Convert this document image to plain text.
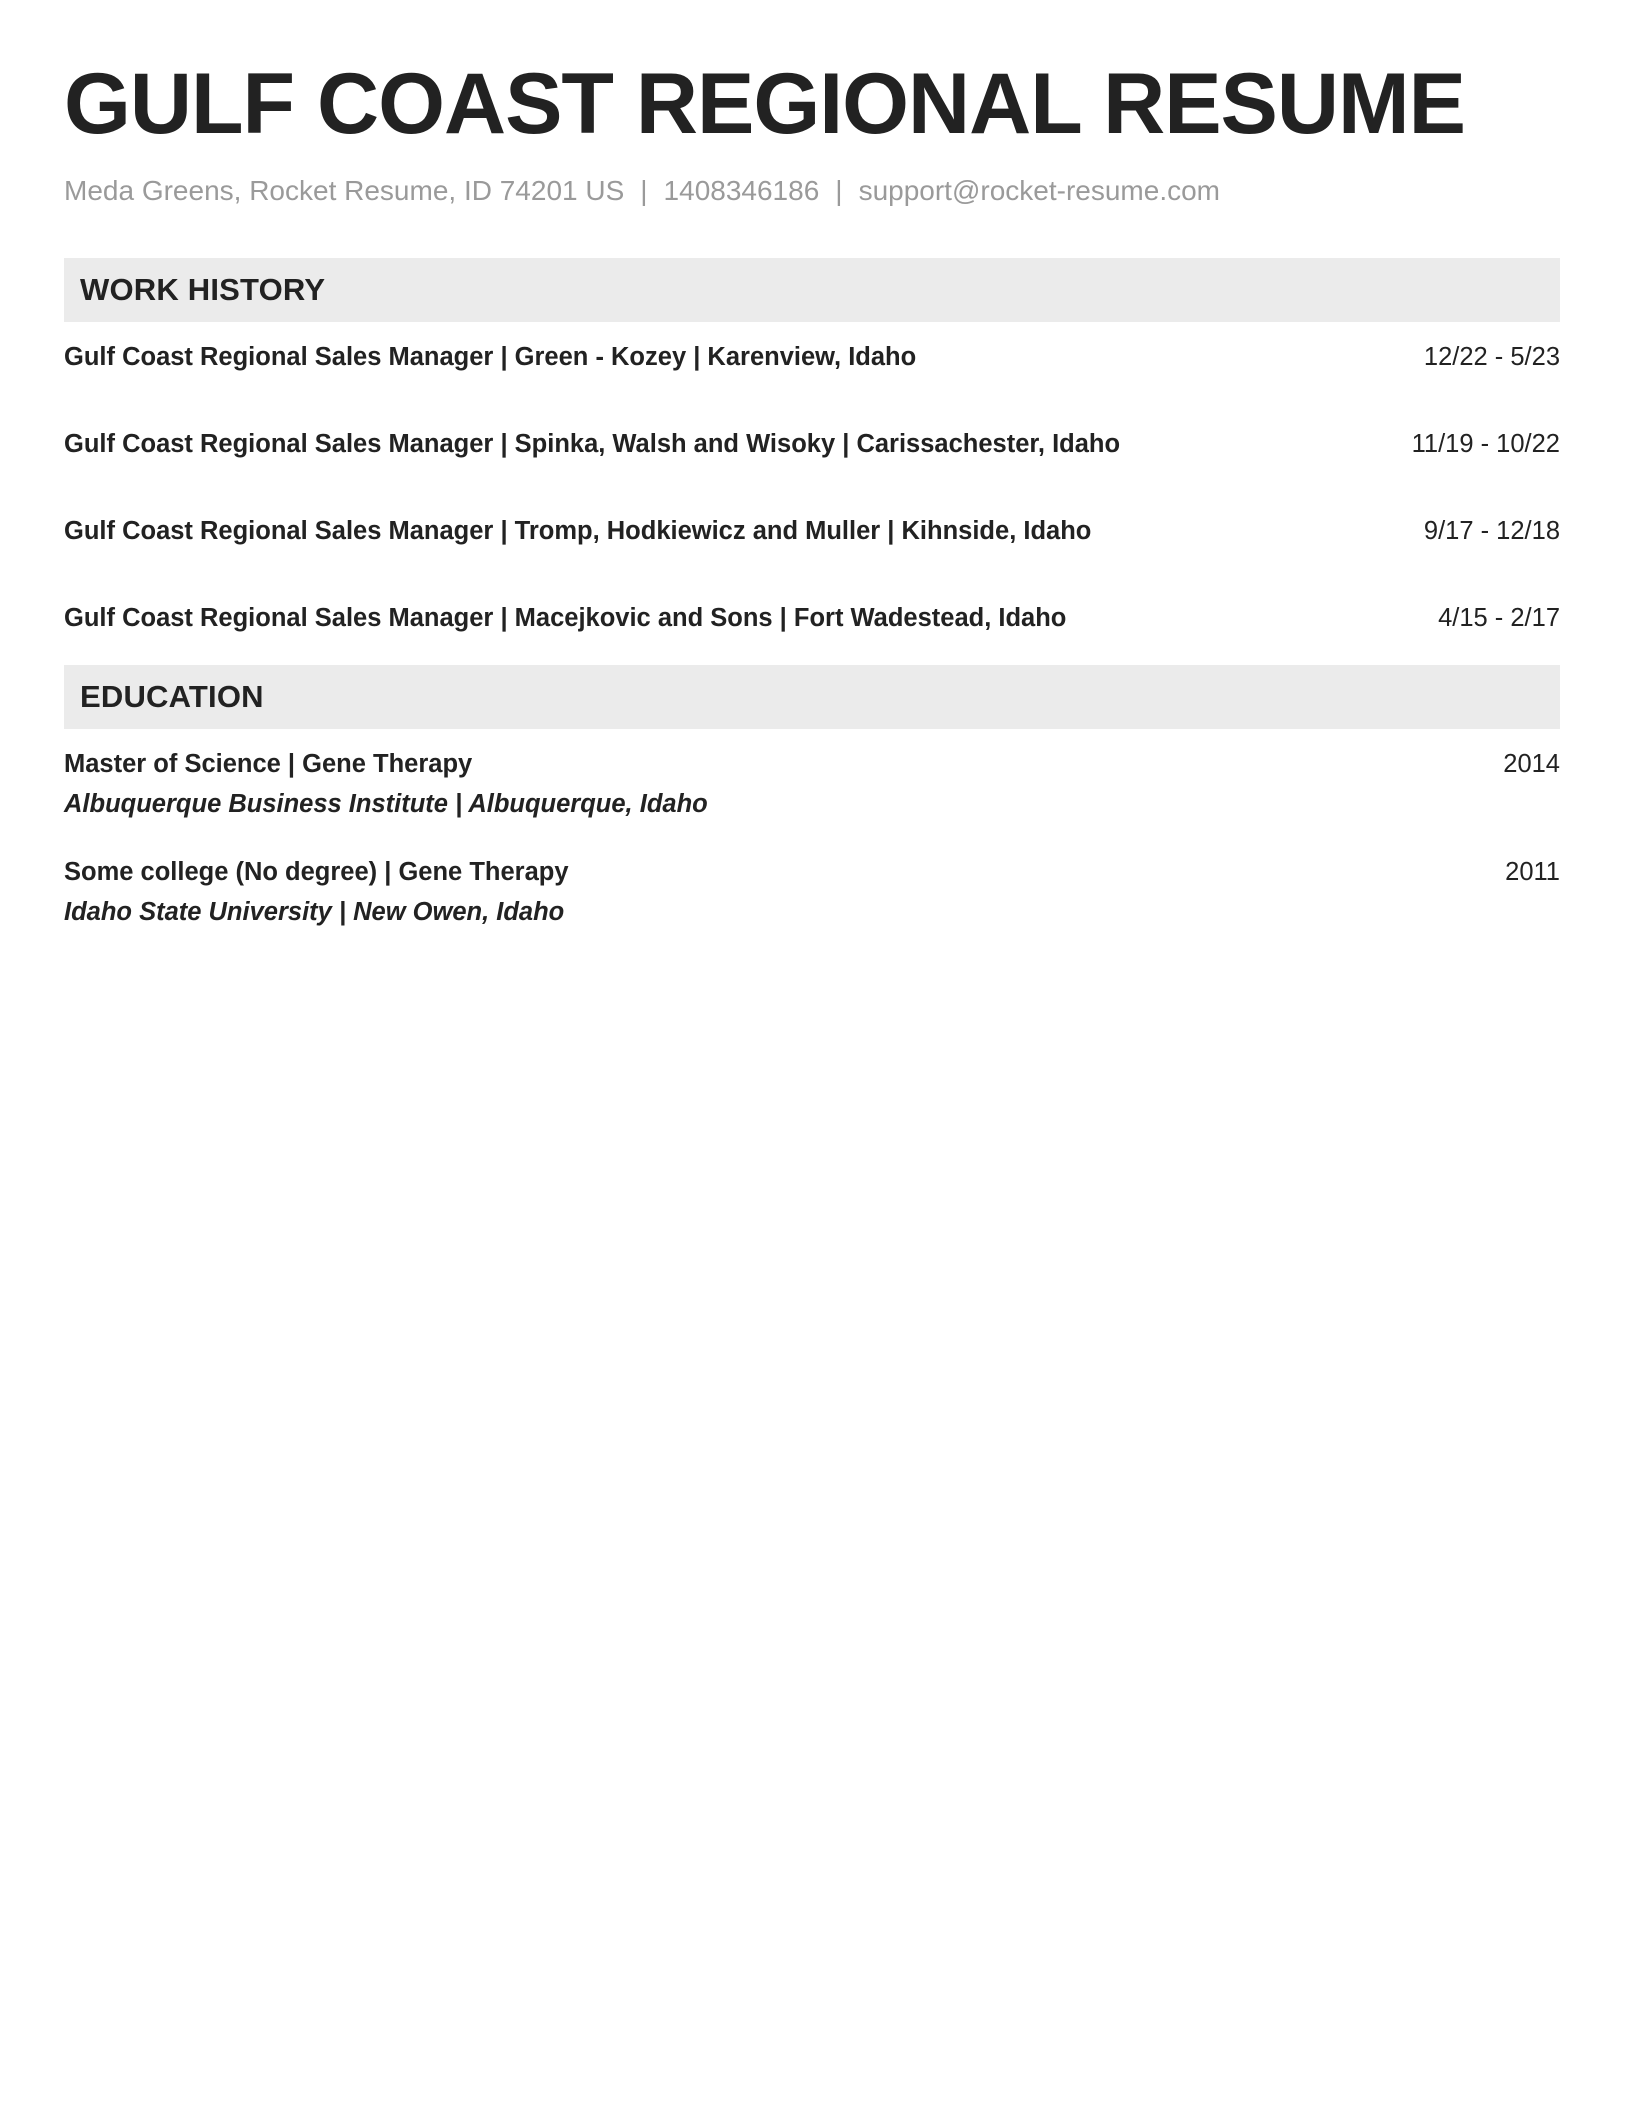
GULF COAST REGIONAL RESUME
Meda Greens, Rocket Resume, ID 74201 US | 1408346186 | support@rocket-resume.com
WORK HISTORY
Gulf Coast Regional Sales Manager | Green - Kozey | Karenview, Idaho	12/22 - 5/23
Gulf Coast Regional Sales Manager | Spinka, Walsh and Wisoky | Carissachester, Idaho	11/19 - 10/22
Gulf Coast Regional Sales Manager | Tromp, Hodkiewicz and Muller | Kihnside, Idaho	9/17 - 12/18
Gulf Coast Regional Sales Manager | Macejkovic and Sons | Fort Wadestead, Idaho	4/15 - 2/17
EDUCATION
Master of Science | Gene Therapy	2014
Albuquerque Business Institute | Albuquerque, Idaho
Some college (No degree) | Gene Therapy	2011
Idaho State University | New Owen, Idaho
